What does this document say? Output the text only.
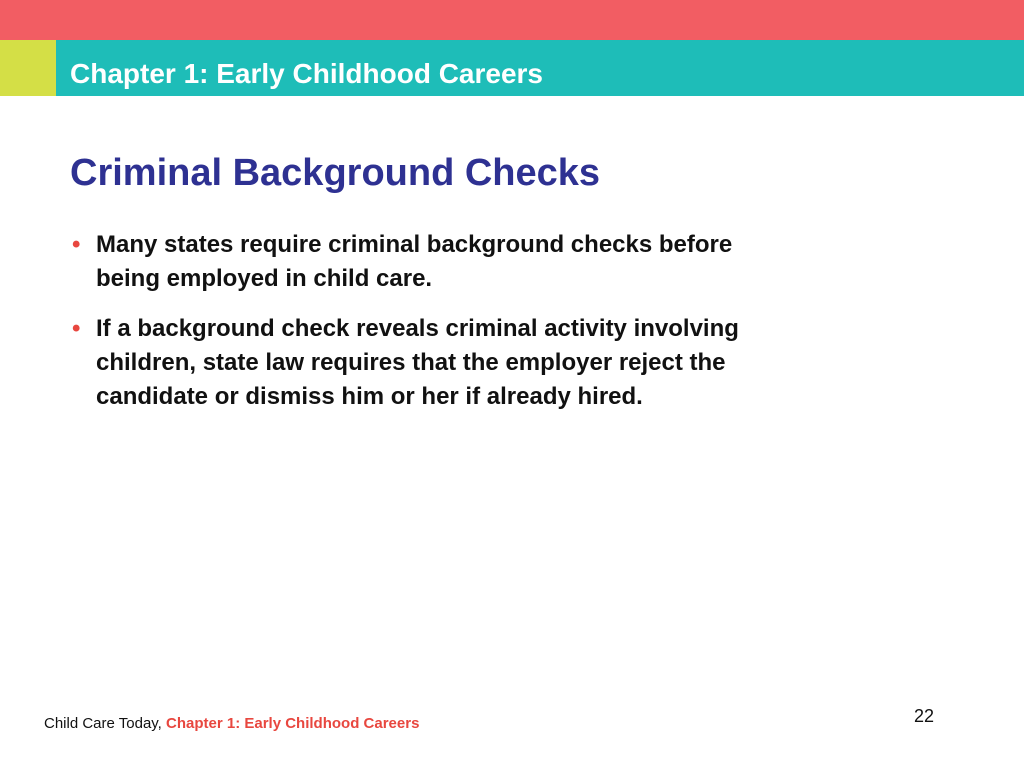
Chapter 1: Early Childhood Careers
Criminal Background Checks
• Many states require criminal background checks before being employed in child care.
• If a background check reveals criminal activity involving children, state law requires that the employer reject the candidate or dismiss him or her if already hired.
Child Care Today, Chapter 1: Early Childhood Careers	22
